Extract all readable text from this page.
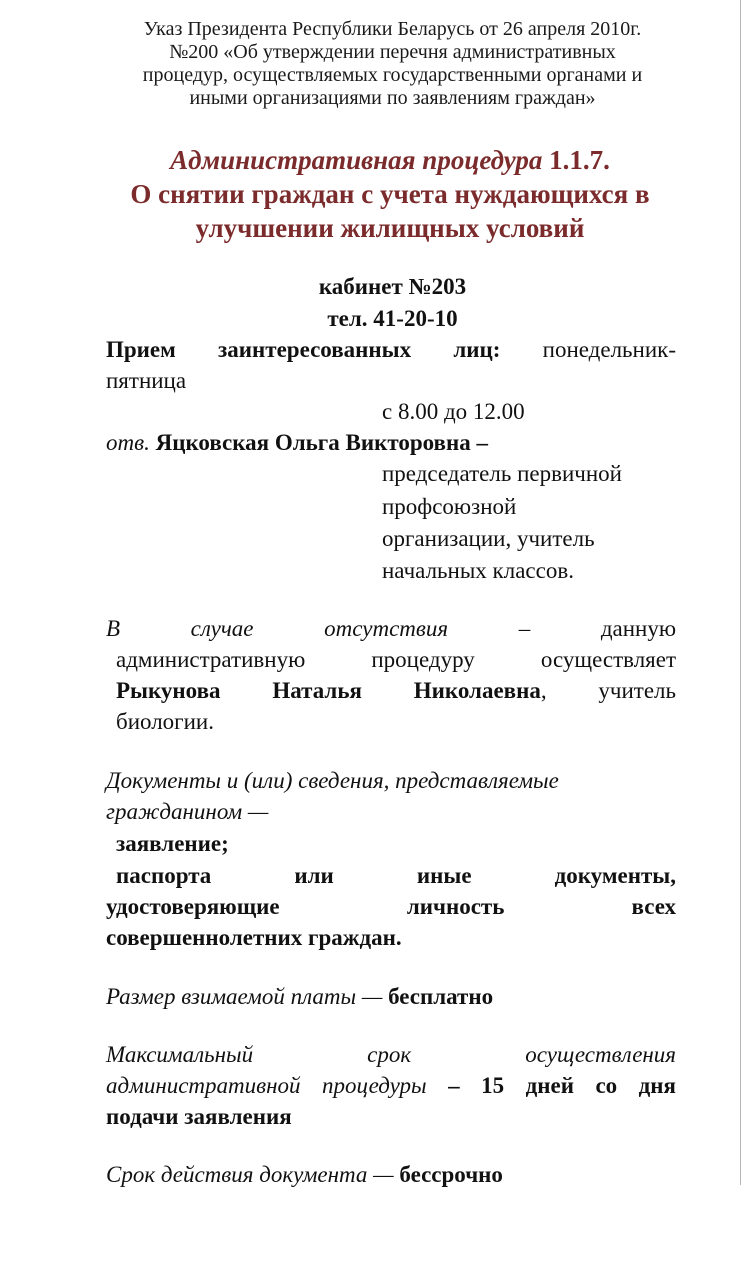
Указ Президента Республики Беларусь от 26 апреля 2010г.
№200 «Об утверждении перечня административных
процедур, осуществляемых государственными органами и
иными организациями по заявлениям граждан»
Административная процедура 1.1.7.
О снятии граждан с учета нуждающихся в
улучшении жилищных условий
кабинет №203
тел. 41-20-10
Прием заинтересованных лиц: понедельник-
пятница
с 8.00 до 12.00
отв. Яцковская Ольга Викторовна –
председатель первичной
профсоюзной
организации, учитель
начальных классов.
В	случае	отсутствия	–	данную
административную	процедуру	осуществляет
Рыкунова Наталья Николаевна, учитель
биологии.
Документы и (или) сведения, представляемые
гражданином —
заявление;
паспорта	или	иные	документы,
удостоверяющие	личность	всех
совершеннолетних граждан.
Размер взимаемой платы — бесплатно
Максимальный	срок	осуществления
административной процедуры – 15 дней со дня
подачи заявления
Срок действия документа — бессрочно
